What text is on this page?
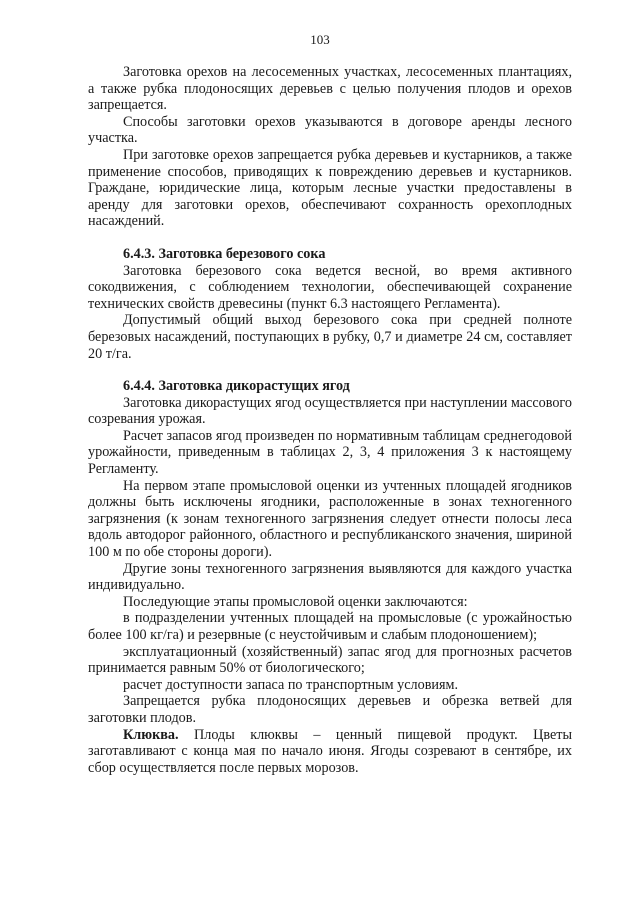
103

Заготовка орехов на лесосеменных участках, лесосеменных плантациях, а также рубка плодоносящих деревьев с целью получения плодов и орехов запрещается.

Способы заготовки орехов указываются в договоре аренды лесного участка.

При заготовке орехов запрещается рубка деревьев и кустарников, а также применение способов, приводящих к повреждению деревьев и кустарников. Граждане, юридические лица, которым лесные участки предоставлены в аренду для заготовки орехов, обеспечивают сохранность орехоплодных насаждений.

6.4.3. Заготовка березового сока

Заготовка березового сока ведется весной, во время активного сокодвижения, с соблюдением технологии, обеспечивающей сохранение технических свойств древесины (пункт 6.3 настоящего Регламента).

Допустимый общий выход березового сока при средней полноте березовых насаждений, поступающих в рубку, 0,7 и диаметре 24 см, составляет 20 т/га.

6.4.4. Заготовка дикорастущих ягод

Заготовка дикорастущих ягод осуществляется при наступлении массового созревания урожая.

Расчет запасов ягод произведен по нормативным таблицам среднегодовой урожайности, приведенным в таблицах 2, 3, 4 приложения 3 к настоящему Регламенту.

На первом этапе промысловой оценки из учтенных площадей ягодников должны быть исключены ягодники, расположенные в зонах техногенного загрязнения (к зонам техногенного загрязнения следует отнести полосы леса вдоль автодорог районного, областного и республиканского значения, шириной 100 м по обе стороны дороги).

Другие зоны техногенного загрязнения выявляются для каждого участка индивидуально.

Последующие этапы промысловой оценки заключаются:

в подразделении учтенных площадей на промысловые (с урожайностью более 100 кг/га) и резервные (с неустойчивым и слабым плодоношением);

эксплуатационный (хозяйственный) запас ягод для прогнозных расчетов принимается равным 50% от биологического;

расчет доступности запаса по транспортным условиям.

Запрещается рубка плодоносящих деревьев и обрезка ветвей для заготовки плодов.

Клюква. Плоды клюквы – ценный пищевой продукт. Цветы заготавливают с конца мая по начало июня. Ягоды созревают в сентябре, их сбор осуществляется после первых морозов.
